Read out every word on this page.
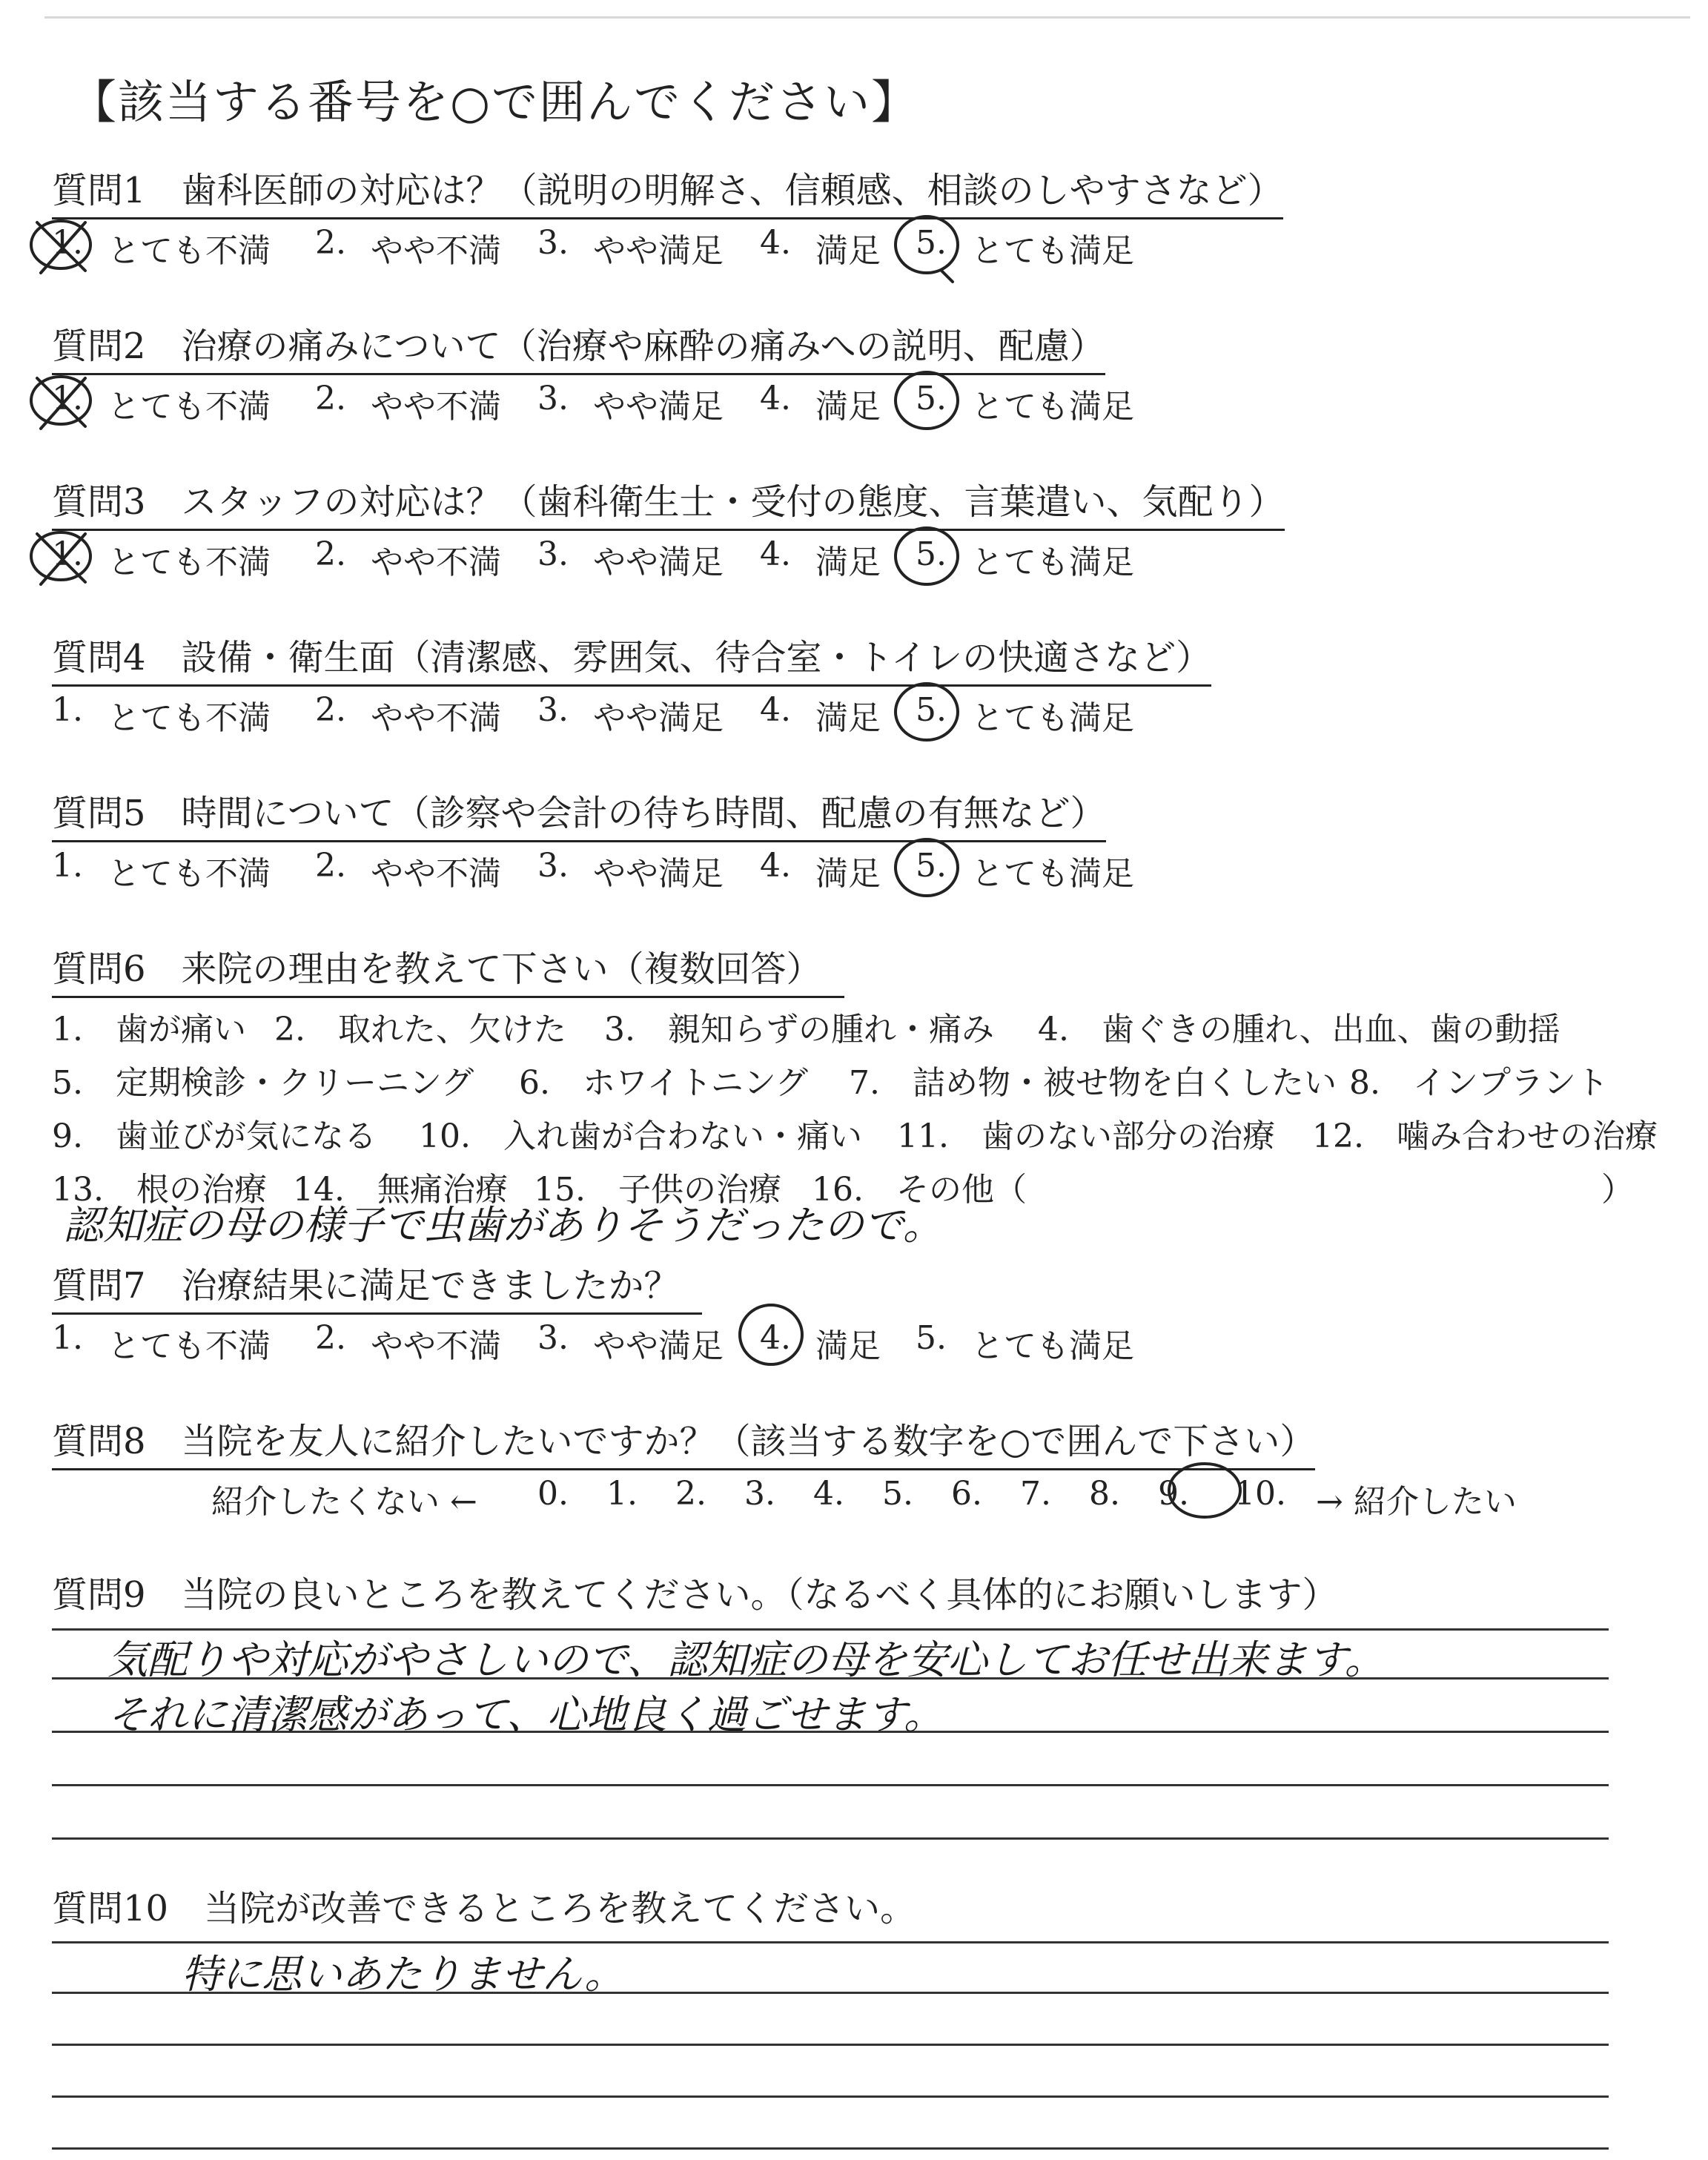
【該当する番号を○で囲んでください】
質問1　歯科医師の対応は？（説明の明解さ、信頼感、相談のしやすさなど）
1. とても不満 2. やや不満 3. やや満足 4. 満足 5. とても満足
質問2　治療の痛みについて（治療や麻酔の痛みへの説明、配慮）
1. とても不満 2. やや不満 3. やや満足 4. 満足 5. とても満足
質問3　スタッフの対応は？（歯科衛生士・受付の態度、言葉遣い、気配り）
1. とても不満 2. やや不満 3. やや満足 4. 満足 5. とても満足
質問4　設備・衛生面（清潔感、雰囲気、待合室・トイレの快適さなど）
1. とても不満 2. やや不満 3. やや満足 4. 満足 5. とても満足
質問5　時間について（診察や会計の待ち時間、配慮の有無など）
1. とても不満 2. やや不満 3. やや満足 4. 満足 5. とても満足
質問6　来院の理由を教えて下さい（複数回答）
1.　歯が痛い 2.　取れた、欠けた 3.　親知らずの腫れ・痛み 4.　歯ぐきの腫れ、出血、歯の動揺
5.　定期検診・クリーニング 6.　ホワイトニング 7.　詰め物・被せ物を白くしたい 8.　インプラント
9.　歯並びが気になる 10.　入れ歯が合わない・痛い 11.　歯のない部分の治療 12.　噛み合わせの治療
13.　根の治療 14.　無痛治療 15.　子供の治療 16.　その他（	）
認知症の母の様子で虫歯がありそうだったので。
質問7　治療結果に満足できましたか？
1. とても不満 2. やや不満 3. やや満足 4. 満足 5. とても満足
質問8　当院を友人に紹介したいですか？（該当する数字を○で囲んで下さい）
紹介したくない ← 0. 1. 2. 3. 4. 5. 6. 7. 8. 9. 10. → 紹介したい
質問9　当院の良いところを教えてください。（なるべく具体的にお願いします）
気配りや対応がやさしいので、認知症の母を安心してお任せ出来ます。
それに清潔感があって、心地良く過ごせます。
質問10　当院が改善できるところを教えてください。
特に思いあたりません。
